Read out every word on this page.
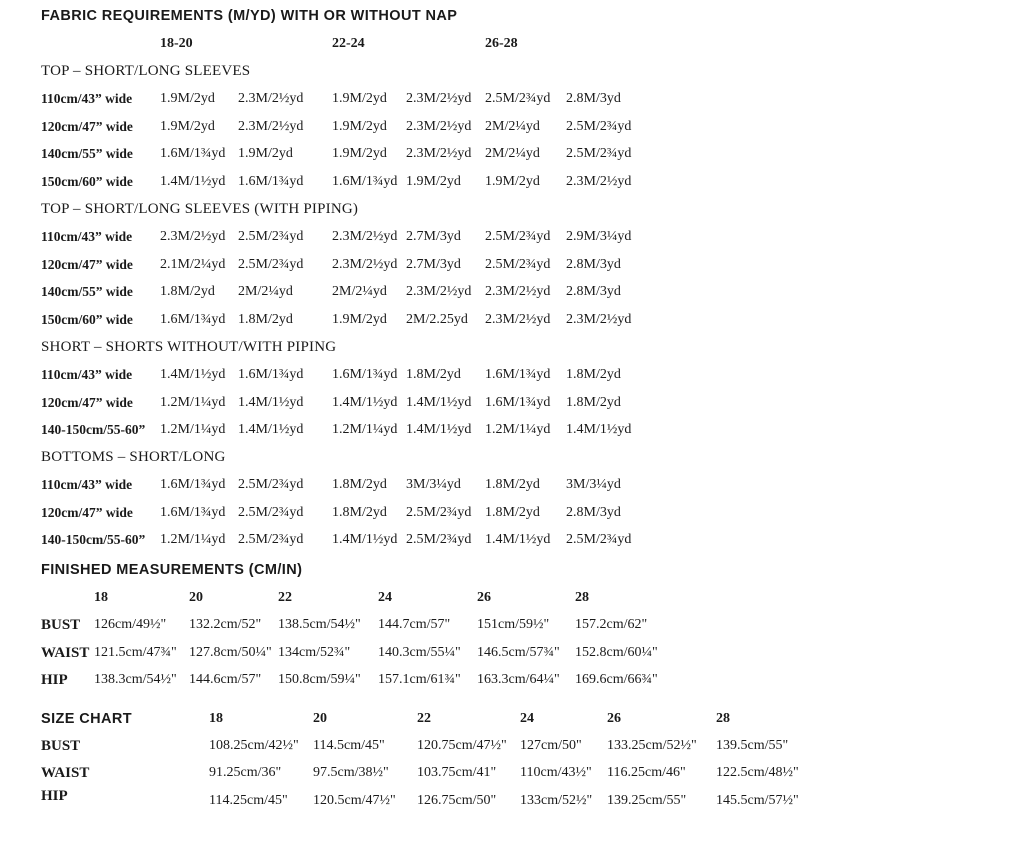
FABRIC REQUIREMENTS (M/YD) WITH OR WITHOUT NAP
18-20	22-24	26-28
TOP – SHORT/LONG SLEEVES
110cm/43” wide 1.9M/2yd 2.3M/2½yd 1.9M/2yd 2.3M/2½yd 2.5M/2¾yd 2.8M/3yd
120cm/47” wide 1.9M/2yd 2.3M/2½yd 1.9M/2yd 2.3M/2½yd 2M/2¼yd 2.5M/2¾yd
140cm/55” wide 1.6M/1¾yd 1.9M/2yd	1.9M/2yd 2.3M/2½yd 2M/2¼yd 2.5M/2¾yd
150cm/60” wide 1.4M/1½yd 1.6M/1¾yd 1.6M/1¾yd 1.9M/2yd 1.9M/2yd 2.3M/2½yd
TOP – SHORT/LONG SLEEVES (WITH PIPING)
110cm/43” wide 2.3M/2½yd 2.5M/2¾yd 2.3M/2½yd 2.7M/3yd 2.5M/2¾yd 2.9M/3¼yd
120cm/47” wide 2.1M/2¼yd 2.5M/2¾yd 2.3M/2½yd 2.7M/3yd 2.5M/2¾yd 2.8M/3yd
140cm/55” wide 1.8M/2yd 2M/2¼yd	2M/2¼yd 2.3M/2½yd 2.3M/2½yd 2.8M/3yd
150cm/60” wide 1.6M/1¾yd 1.8M/2yd	1.9M/2yd 2M/2.25yd 2.3M/2½yd 2.3M/2½yd
SHORT – SHORTS WITHOUT/WITH PIPING
110cm/43” wide 1.4M/1½yd 1.6M/1¾yd 1.6M/1¾yd 1.8M/2yd 1.6M/1¾yd 1.8M/2yd
120cm/47” wide 1.2M/1¼yd 1.4M/1½yd 1.4M/1½yd 1.4M/1½yd 1.6M/1¾yd 1.8M/2yd
140-150cm/55-60” 1.2M/1¼yd 1.4M/1½yd 1.2M/1¼yd 1.4M/1½yd 1.2M/1¼yd 1.4M/1½yd
BOTTOMS – SHORT/LONG
110cm/43” wide 1.6M/1¾yd 2.5M/2¾yd 1.8M/2yd 3M/3¼yd 1.8M/2yd 3M/3¼yd
120cm/47” wide 1.6M/1¾yd 2.5M/2¾yd 1.8M/2yd 2.5M/2¾yd 1.8M/2yd 2.8M/3yd
140-150cm/55-60” 1.2M/1¼yd 2.5M/2¾yd 1.4M/1½yd 2.5M/2¾yd 1.4M/1½yd 2.5M/2¾yd
FINISHED MEASUREMENTS (CM/IN)
18	20	22	24	26	28
BUST 126cm/49½" 132.2cm/52" 138.5cm/54½" 144.7cm/57" 151cm/59½" 157.2cm/62"
WAIST 121.5cm/47¾" 127.8cm/50¼" 134cm/52¾" 140.3cm/55¼" 146.5cm/57¾" 152.8cm/60¼"
HIP 138.3cm/54½" 144.6cm/57" 150.8cm/59¼" 157.1cm/61¾" 163.3cm/64¼" 169.6cm/66¾"
SIZE CHART	18	20	22	24	26	28
BUST	108.25cm/42½" 114.5cm/45" 120.75cm/47½" 127cm/50" 133.25cm/52½" 139.5cm/55"
WAIST	91.25cm/36" 97.5cm/38½" 103.75cm/41" 110cm/43½" 116.25cm/46" 122.5cm/48½"
HIP	114.25cm/45" 120.5cm/47½" 126.75cm/50" 133cm/52½" 139.25cm/55" 145.5cm/57½"
